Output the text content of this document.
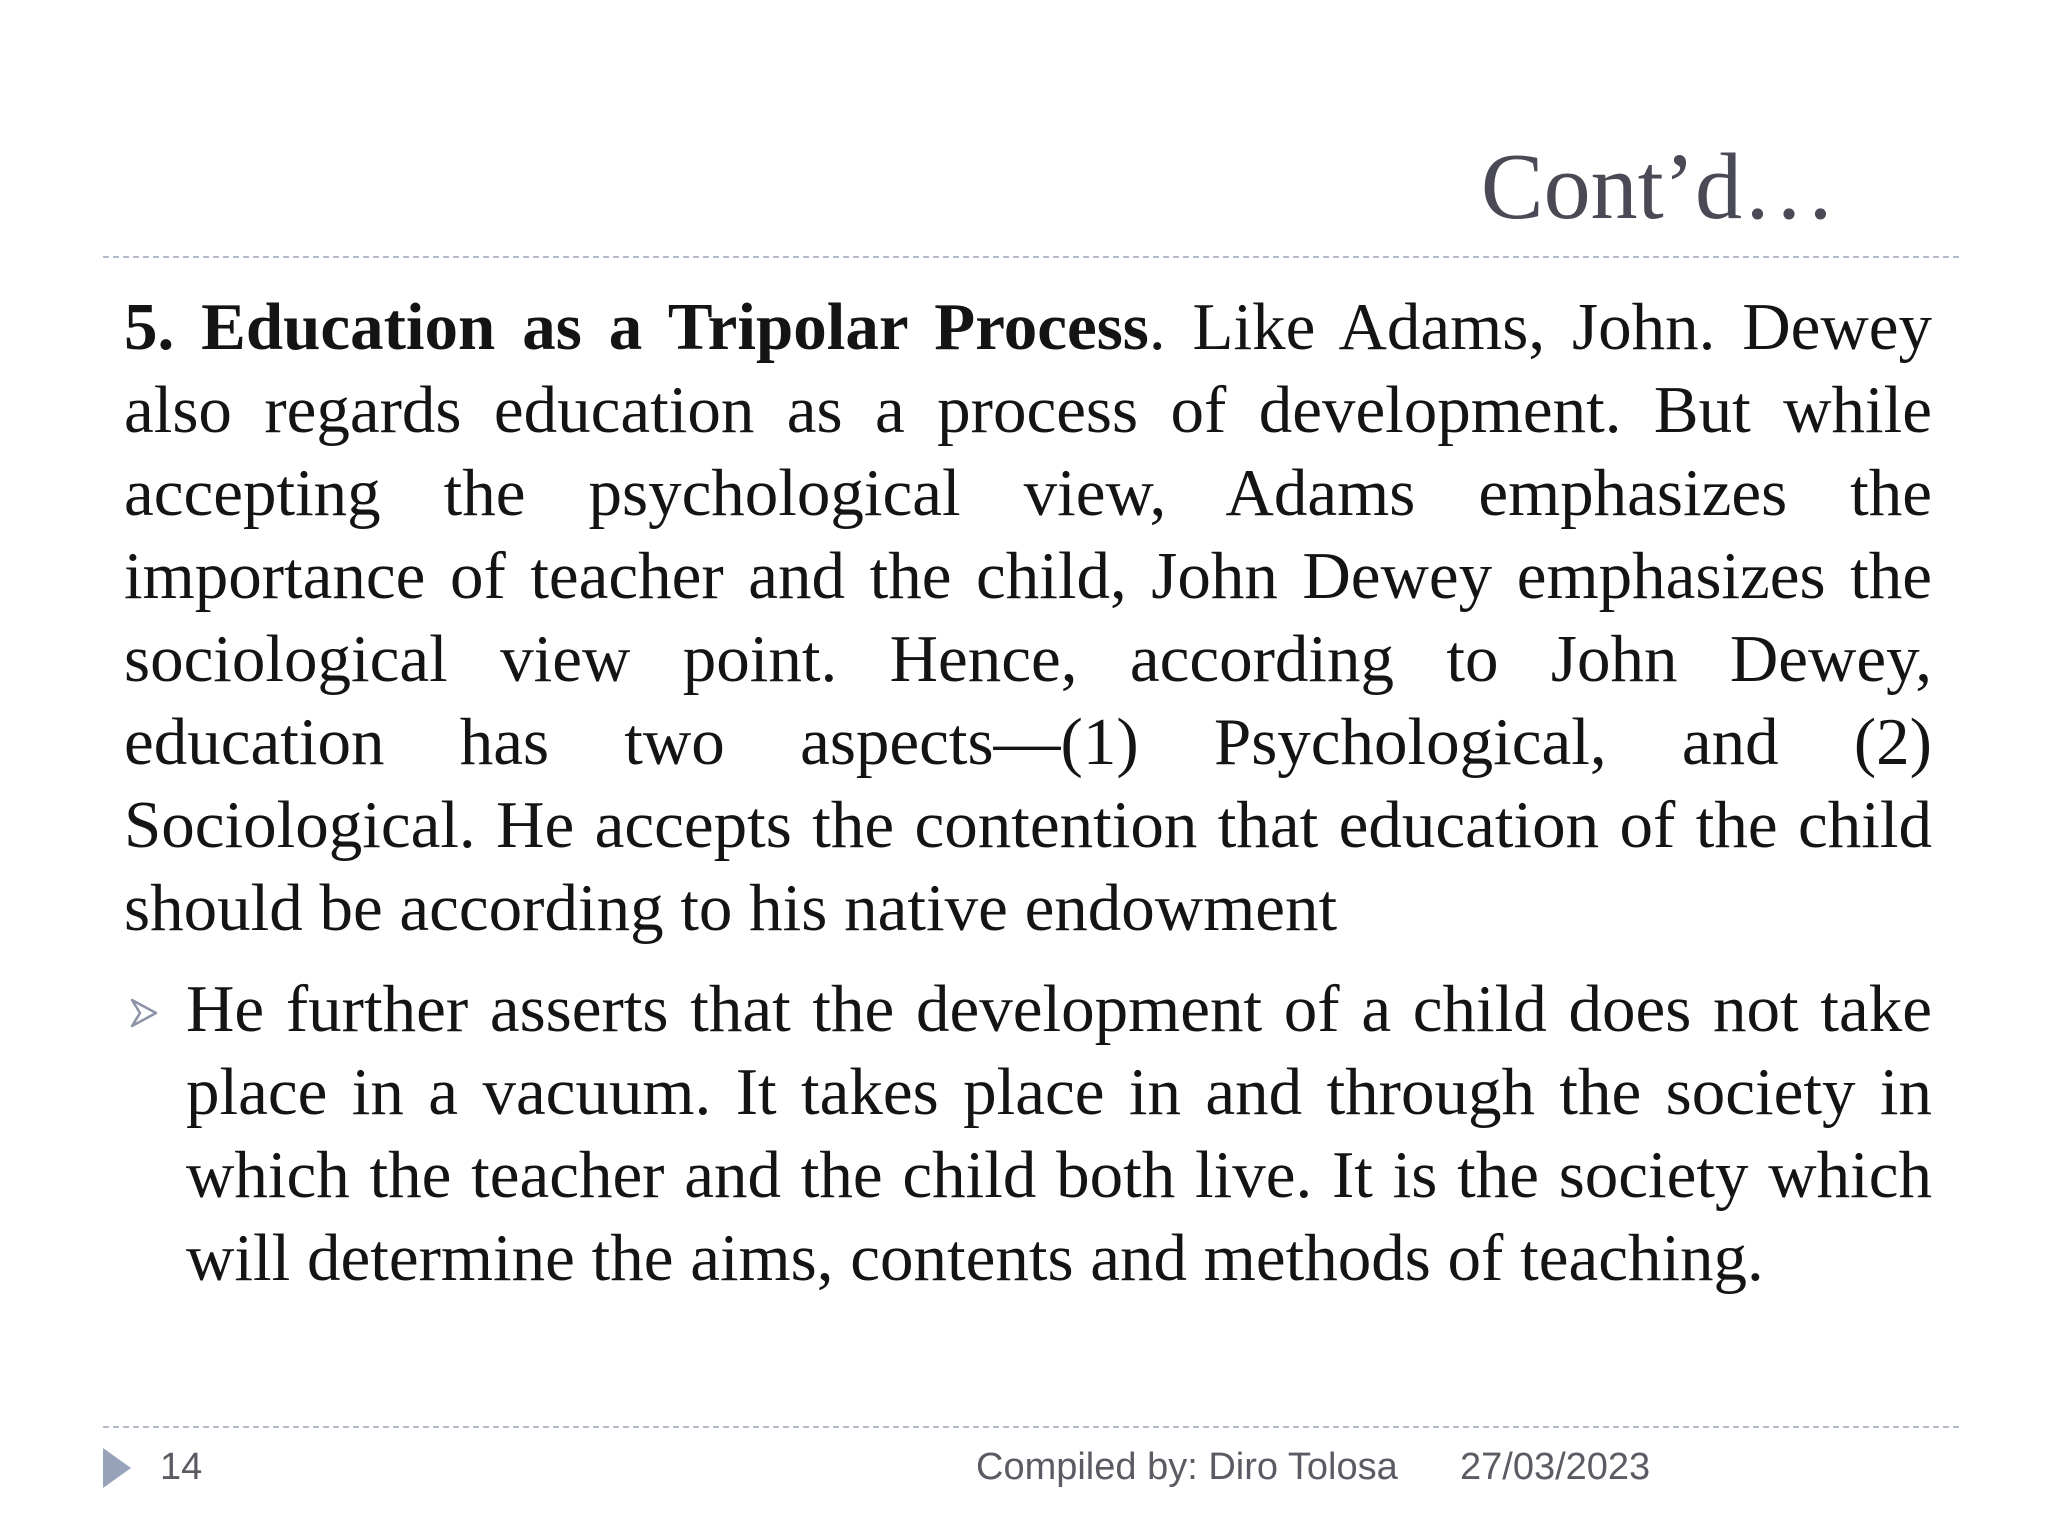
Cont’d…

5. Education as a Tripolar Process. Like Adams, John. Dewey also regards education as a process of development. But while accepting the psychological view, Adams emphasizes the importance of teacher and the child, John Dewey emphasizes the sociological view point. Hence, according to John Dewey, education has two aspects—(1) Psychological, and (2) Sociological. He accepts the contention that education of the child should be according to his native endowment

He further asserts that the development of a child does not take place in a vacuum. It takes place in and through the society in which the teacher and the child both live. It is the society which will determine the aims, contents and methods of teaching.
14	Compiled by: Diro Tolosa 27/03/2023
